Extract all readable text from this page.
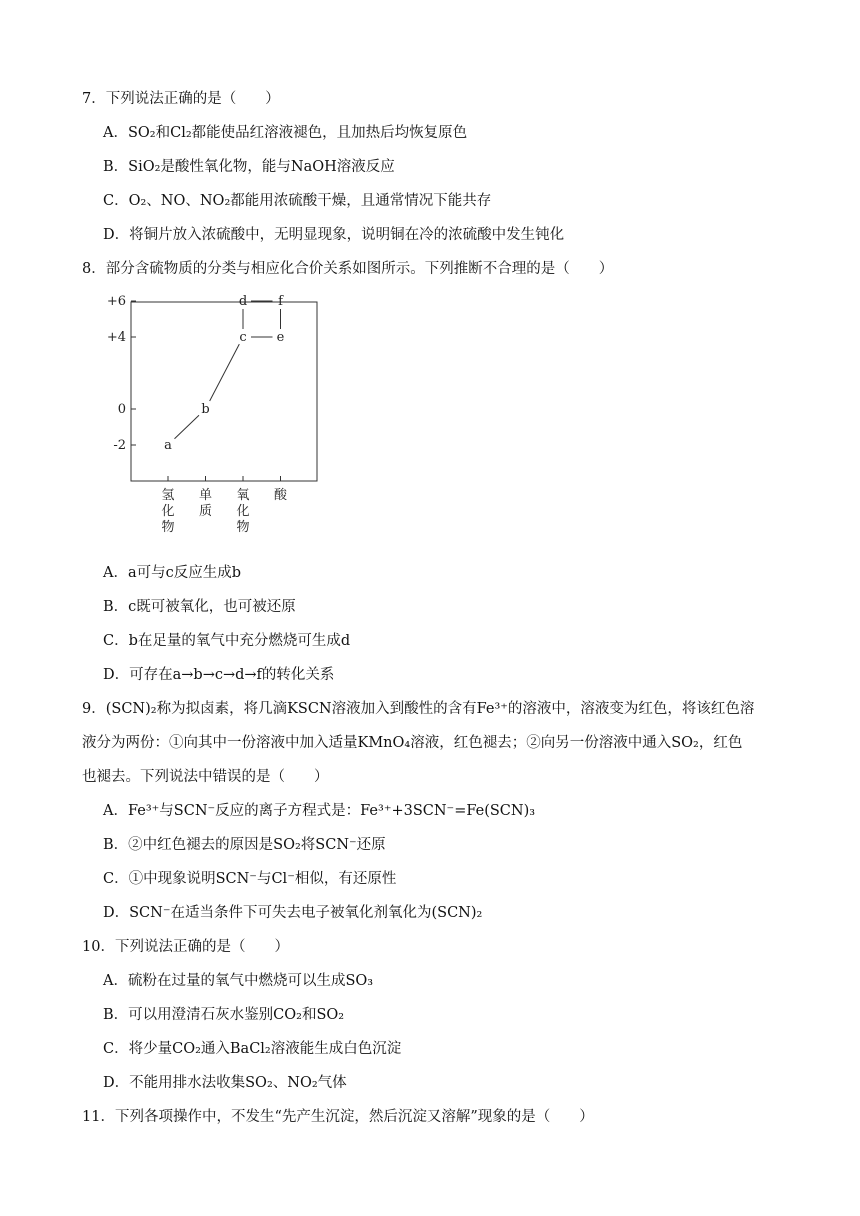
7．下列说法正确的是（　　）
A．SO₂和Cl₂都能使品红溶液褪色，且加热后均恢复原色
B．SiO₂是酸性氧化物，能与NaOH溶液反应
C．O₂、NO、NO₂都能用浓硫酸干燥，且通常情况下能共存
D．将铜片放入浓硫酸中，无明显现象，说明铜在冷的浓硫酸中发生钝化
8．部分含硫物质的分类与相应化合价关系如图所示。下列推断不合理的是（　　）
+6
+4
0
-2
氢
化
物
单
质
氧
化
物
酸
a
b
c
d
e
f
A．a可与c反应生成b
B．c既可被氧化，也可被还原
C．b在足量的氧气中充分燃烧可生成d
D．可存在a→b→c→d→f的转化关系
9．(SCN)₂称为拟卤素，将几滴KSCN溶液加入到酸性的含有Fe³⁺的溶液中，溶液变为红色，将该红色溶
液分为两份：①向其中一份溶液中加入适量KMnO₄溶液，红色褪去；②向另一份溶液中通入SO₂，红色
也褪去。下列说法中错误的是（　　）
A．Fe³⁺与SCN⁻反应的离子方程式是：Fe³⁺+3SCN⁻=Fe(SCN)₃
B．②中红色褪去的原因是SO₂将SCN⁻还原
C．①中现象说明SCN⁻与Cl⁻相似，有还原性
D．SCN⁻在适当条件下可失去电子被氧化剂氧化为(SCN)₂
10．下列说法正确的是（　　）
A．硫粉在过量的氧气中燃烧可以生成SO₃
B．可以用澄清石灰水鉴别CO₂和SO₂
C．将少量CO₂通入BaCl₂溶液能生成白色沉淀
D．不能用排水法收集SO₂、NO₂气体
11．下列各项操作中，不发生“先产生沉淀，然后沉淀又溶解”现象的是（　　）
